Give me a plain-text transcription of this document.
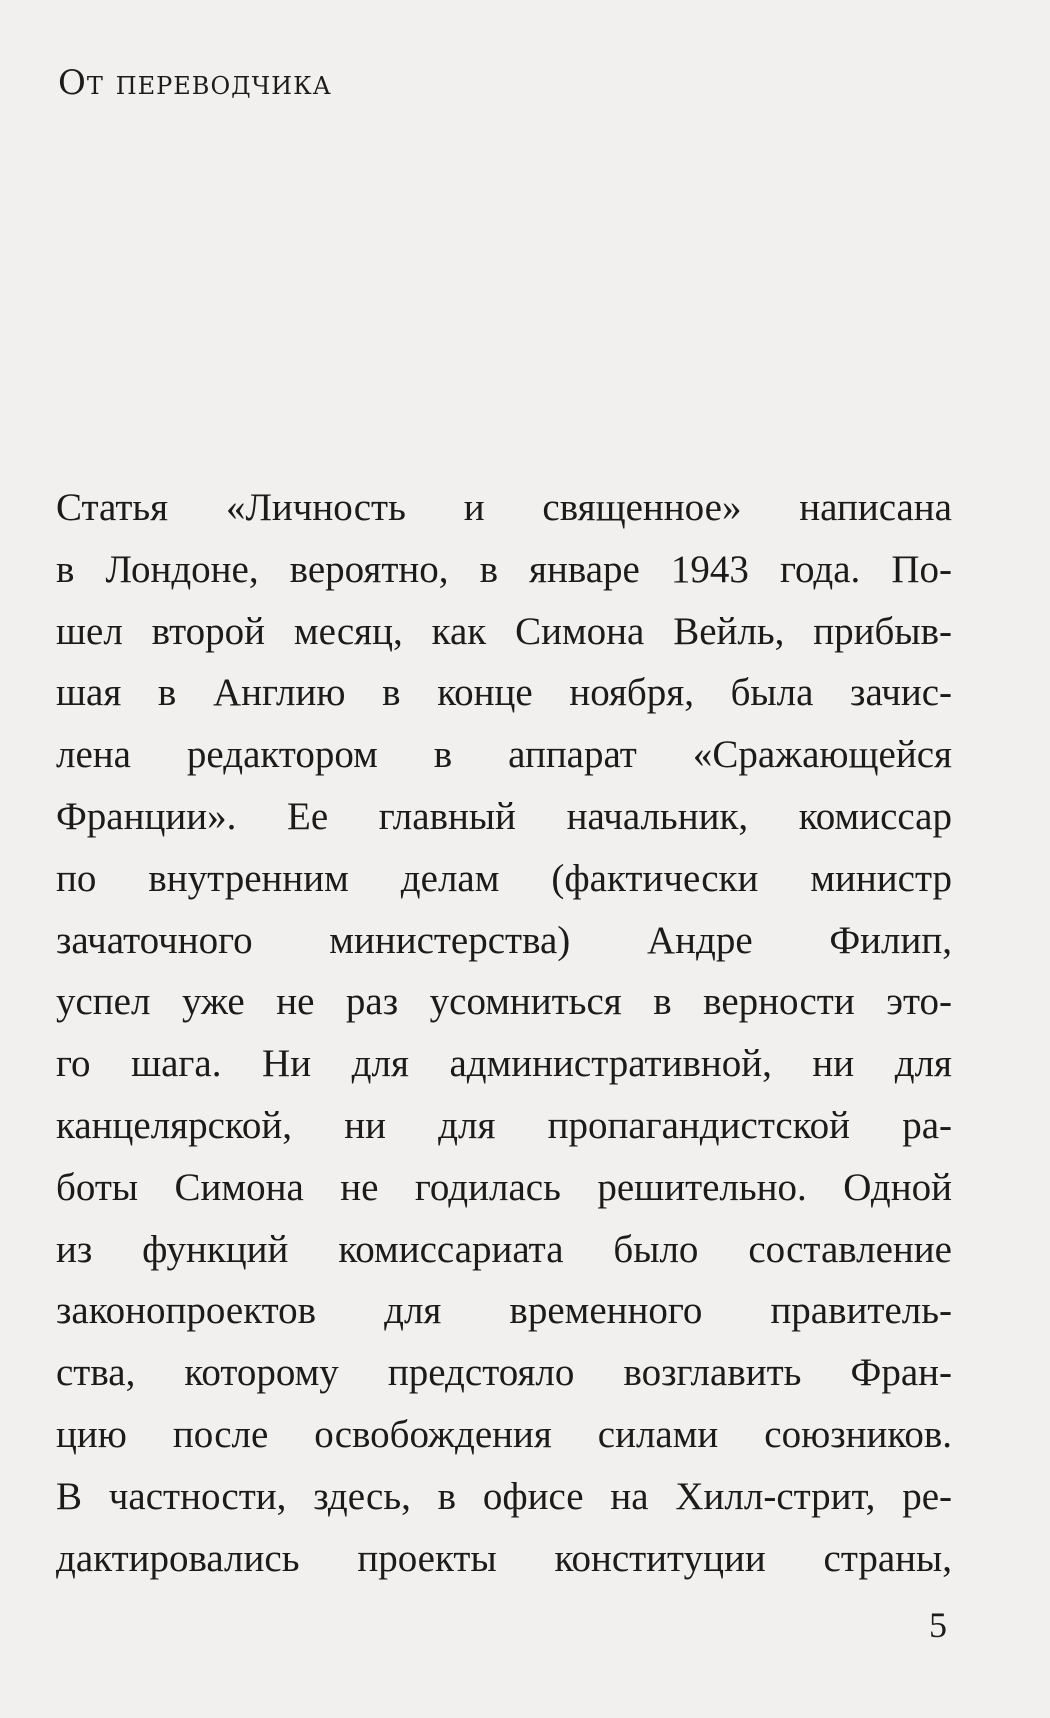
От переводчика
Статья «Личность и священное» написана
в Лондоне, вероятно, в январе 1943 года. По-
шел второй месяц, как Симона Вейль, прибыв-
шая в Англию в конце ноября, была зачис-
лена редактором в аппарат «Сражающейся
Франции». Ее главный начальник, комиссар
по внутренним делам (фактически министр
зачаточного министерства) Андре Филип,
успел уже не раз усомниться в верности это-
го шага. Ни для административной, ни для
канцелярской, ни для пропагандистской ра-
боты Симона не годилась решительно. Одной
из функций комиссариата было составление
законопроектов для временного правитель-
ства, которому предстояло возглавить Фран-
цию после освобождения силами союзников.
В частности, здесь, в офисе на Хилл-стрит, ре-
дактировались проекты конституции страны,
5
